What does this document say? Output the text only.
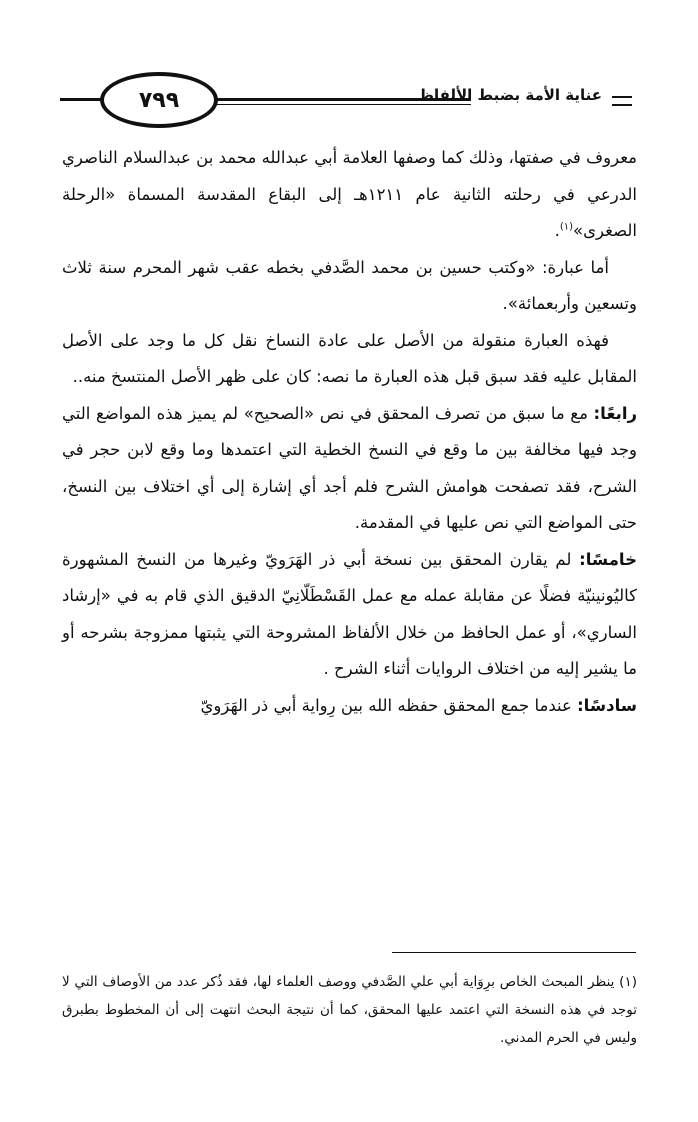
٧٩٩	عناية الأمة بضبط الألفاظ

معروف في صفتها، وذلك كما وصفها العلامة أبي عبدالله محمد بن عبدالسلام الناصري الدرعي في رحلته الثانية عام ١٢١١هـ إلى البقاع المقدسة المسماة «الرحلة الصغرى»$^{(١)}$.

أما عبارة: «وكتب حسين بن محمد الصَّدفي بخطه عقب شهر المحرم سنة ثلاث وتسعين وأربعمائة».

فهذه العبارة منقولة من الأصل على عادة النساخ نقل كل ما وجد على الأصل المقابل عليه فقد سبق قبل هذه العبارة ما نصه: كان على ظهر الأصل المنتسخ منه..

رابعًا: مع ما سبق من تصرف المحقق في نص «الصحيح» لم يميز هذه المواضع التي وجد فيها مخالفة بين ما وقع في النسخ الخطية التي اعتمدها وما وقع لابن حجر في الشرح، فقد تصفحت هوامش الشرح فلم أجد أي إشارة إلى أي اختلاف بين النسخ، حتى المواضع التي نص عليها في المقدمة.

خامسًا: لم يقارن المحقق بين نسخة أبي ذر الهَرَويّ وغيرها من النسخ المشهورة كاليُونينيّة فضلًا عن مقابلة عمله مع عمل القَسْطَلّانِيّ الدقيق الذي قام به في «إرشاد الساري»، أو عمل الحافظ من خلال الألفاظ المشروحة التي يثبتها ممزوجة بشرحه أو ما يشير إليه من اختلاف الروايات أثناء الشرح .

سادسًا: عندما جمع المحقق حفظه الله بين رِواية أبي ذر الهَرَويّ

(١) ينظر المبحث الخاص برِوَاية أبي علي الصَّدفي ووصف العلماء لها، فقد ذُكر عدد من الأوصاف التي لا توجد في هذه النسخة التي اعتمد عليها المحقق، كما أن نتيجة البحث انتهت إلى أن المخطوط بطبرق وليس في الحرم المدني.
